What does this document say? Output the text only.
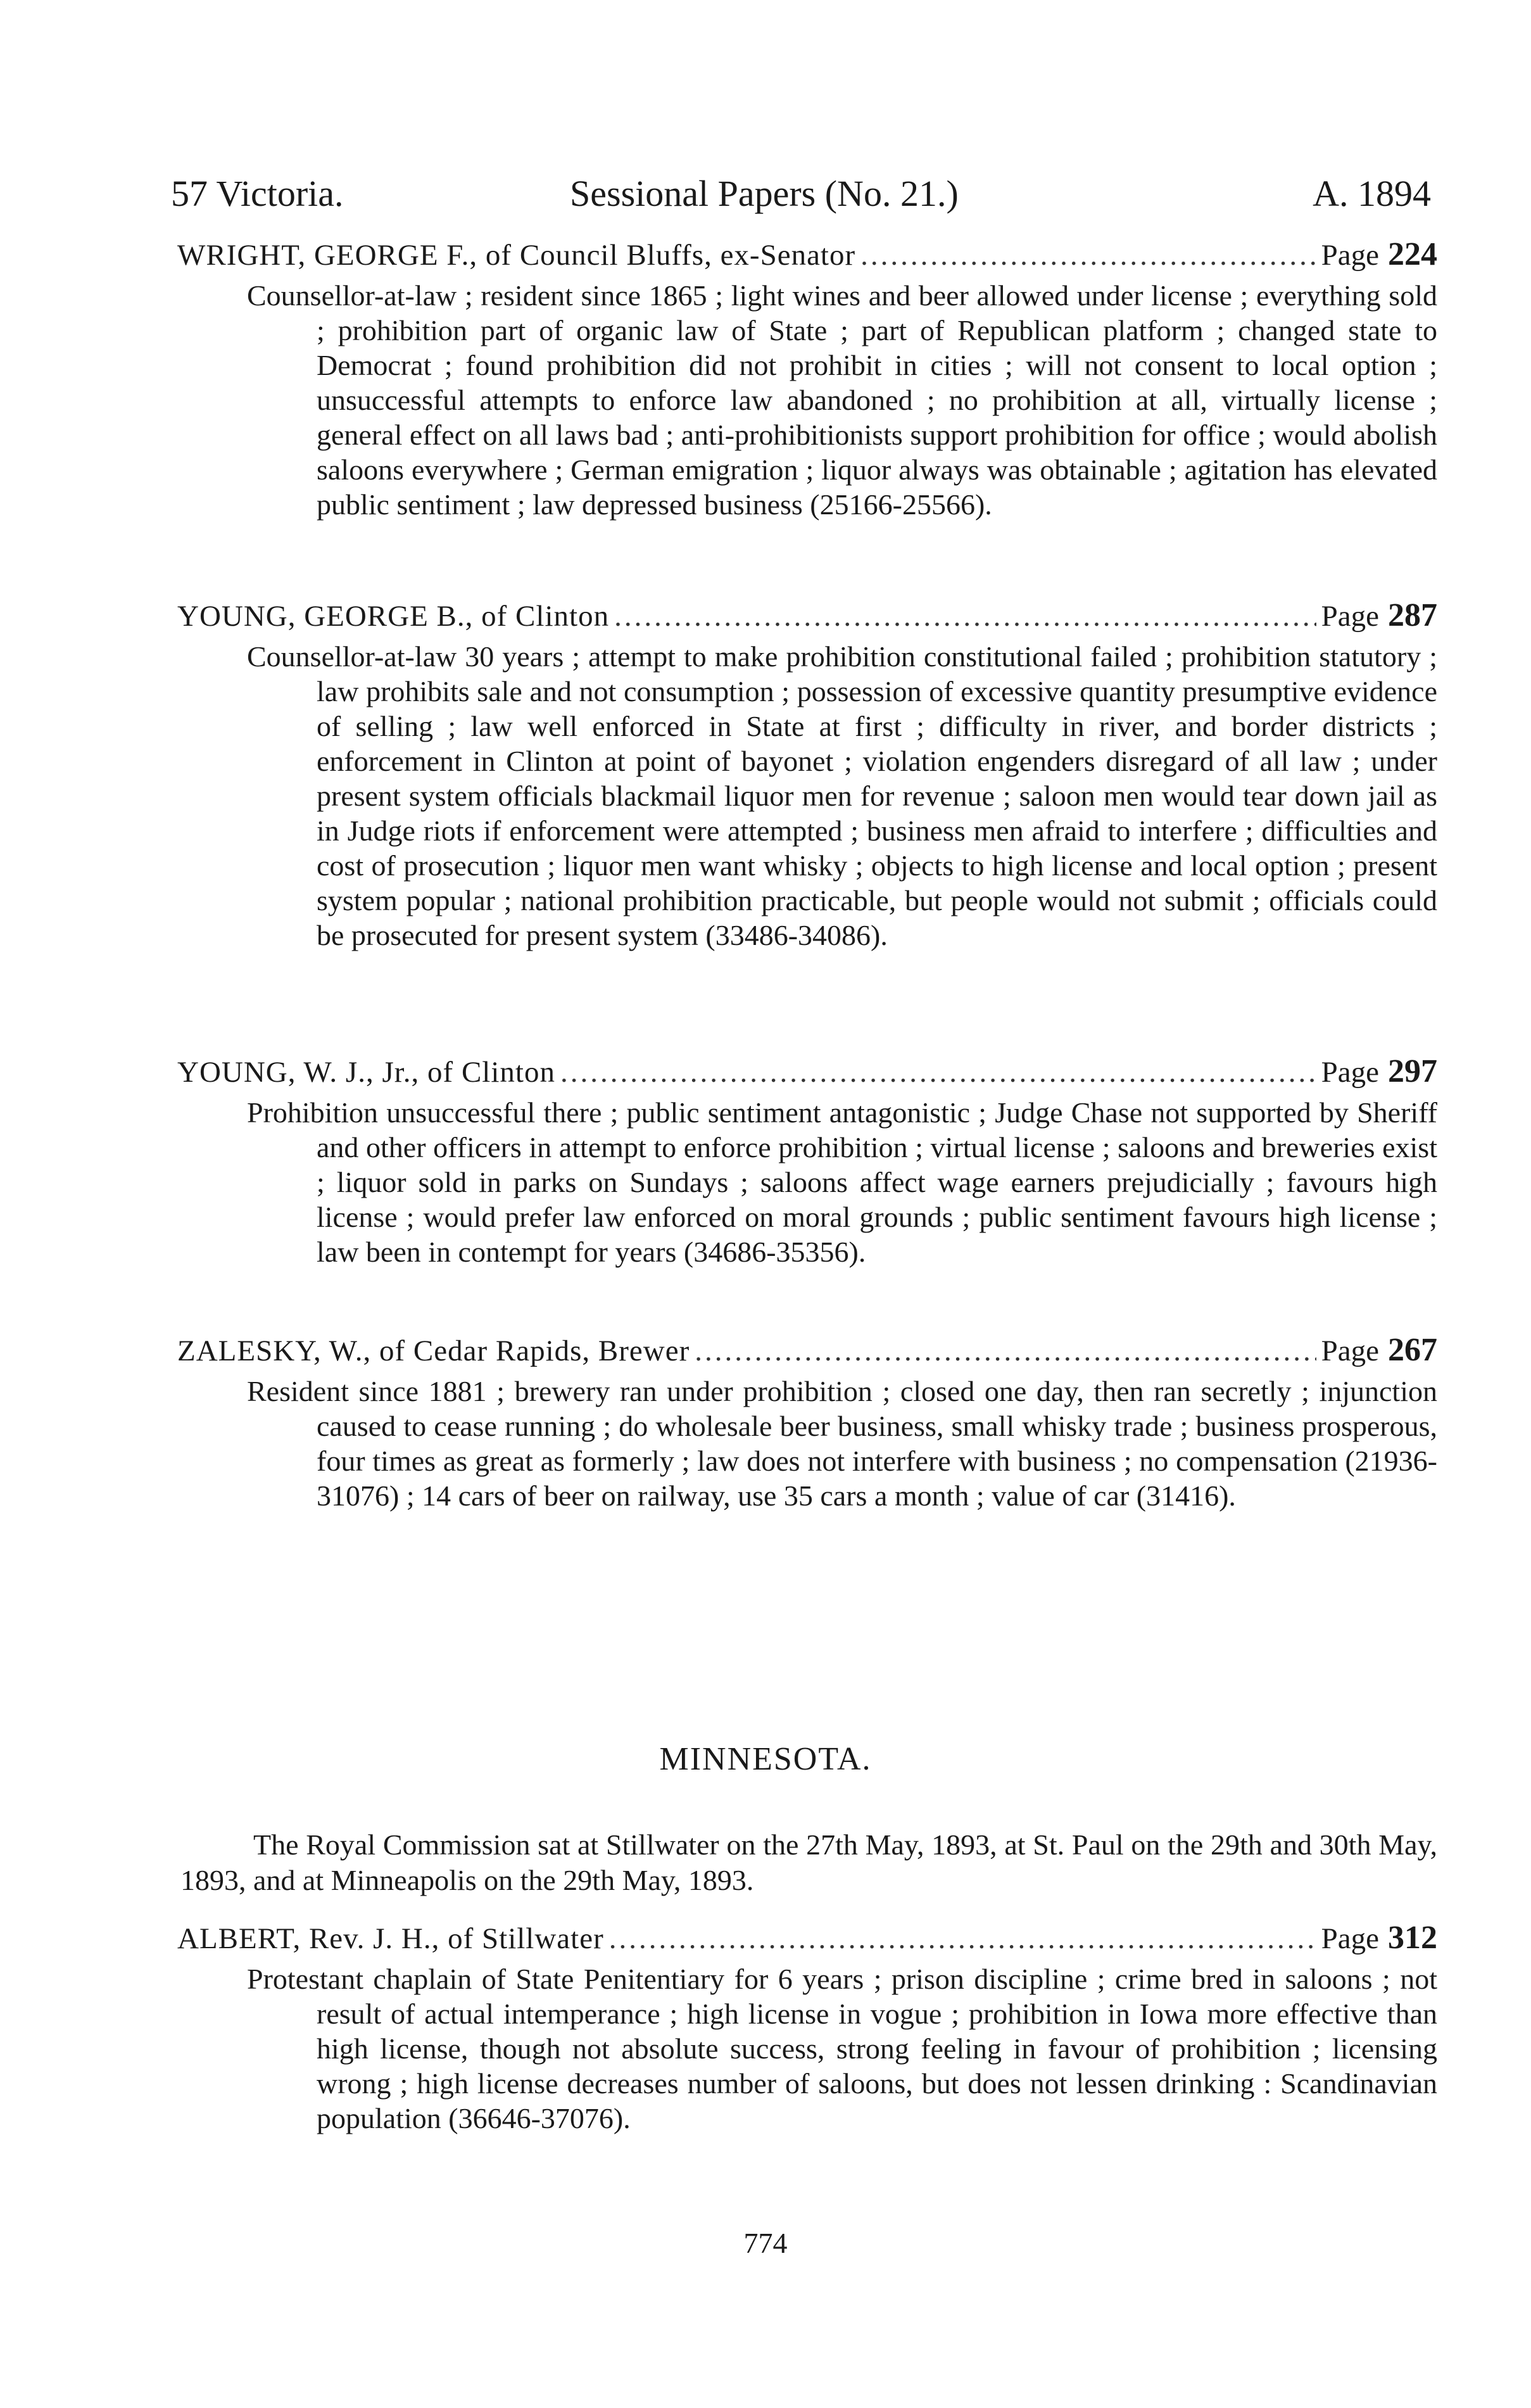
57 Victoria.	Sessional Papers (No. 21.)	A. 1894
WRIGHT, GEORGE F., of Council Bluffs, ex-Senator .....	Page 224
Counsellor-at-law ; resident since 1865 ; light wines and beer allowed under license ; everything sold ; prohibition part of organic law of State ; part of Republican platform ; changed state to Democrat ; found prohibition did not prohibit in cities ; will not consent to local option ; unsuccessful attempts to enforce law abandoned ; no prohibition at all, virtually license ; general effect on all laws bad ; anti-prohibitionists support prohibition for office ; would abolish saloons everywhere ; German emigration ; liquor always was obtainable ; agitation has elevated public sentiment ; law depressed business (25166-25566).
YOUNG, GEORGE B., of Clinton .....	Page 287
Counsellor-at-law 30 years ; attempt to make prohibition constitutional failed ; prohibition statutory ; law prohibits sale and not consumption ; possession of excessive quantity presumptive evidence of selling ; law well enforced in State at first ; difficulty in river, and border districts ; enforcement in Clinton at point of bayonet ; violation engenders disregard of all law ; under present system officials blackmail liquor men for revenue ; saloon men would tear down jail as in Judge riots if enforcement were attempted ; business men afraid to interfere ; difficulties and cost of prosecution ; liquor men want whisky ; objects to high license and local option ; present system popular ; national prohibition practicable, but people would not submit ; officials could be prosecuted for present system (33486-34086).
YOUNG, W. J., Jr., of Clinton .....	Page 297
Prohibition unsuccessful there ; public sentiment antagonistic ; Judge Chase not supported by Sheriff and other officers in attempt to enforce prohibition ; virtual license ; saloons and breweries exist ; liquor sold in parks on Sundays ; saloons affect wage earners prejudicially ; favours high license ; would prefer law enforced on moral grounds ; public sentiment favours high license ; law been in contempt for years (34686-35356).
ZALESKY, W., of Cedar Rapids, Brewer .....	Page 267
Resident since 1881 ; brewery ran under prohibition ; closed one day, then ran secretly ; injunction caused to cease running ; do wholesale beer business, small whisky trade ; business prosperous, four times as great as formerly ; law does not interfere with business ; no compensation (21936-31076) ; 14 cars of beer on railway, use 35 cars a month ; value of car (31416).
MINNESOTA.
The Royal Commission sat at Stillwater on the 27th May, 1893, at St. Paul on the 29th and 30th May, 1893, and at Minneapolis on the 29th May, 1893.
ALBERT, Rev. J. H., of Stillwater .....	Page 312
Protestant chaplain of State Penitentiary for 6 years ; prison discipline ; crime bred in saloons ; not result of actual intemperance ; high license in vogue ; prohibition in Iowa more effective than high license, though not absolute success, strong feeling in favour of prohibition ; licensing wrong ; high license decreases number of saloons, but does not lessen drinking : Scandinavian population (36646-37076).
774
